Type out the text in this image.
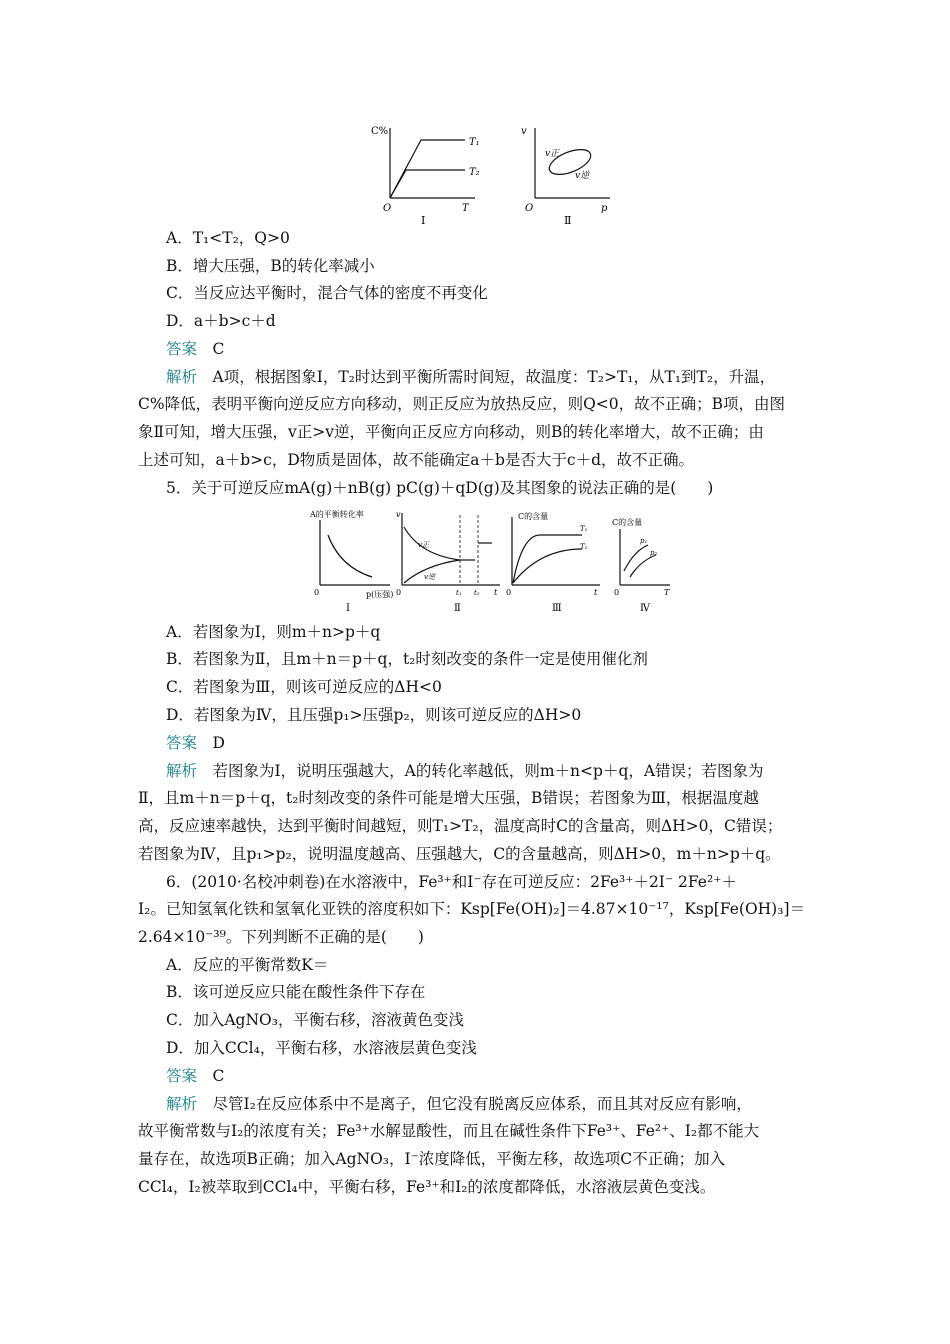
C%
T₁
T₂
O	T
Ⅰ
v
v正
v逆
O	p
Ⅱ
A．T₁<T₂，Q>0
B．增大压强，B的转化率减小
C．当反应达平衡时，混合气体的密度不再变化
D．a＋b>c＋d
答案　 C
解析　 A项，根据图象Ⅰ，T₂时达到平衡所需时间短，故温度：T₂>T₁，从T₁到T₂，升温，
C%降低，表明平衡向逆反应方向移动，则正反应为放热反应，则Q<0，故不正确；B项，由图
象Ⅱ可知，增大压强，v正>v逆，平衡向正反应方向移动，则B的转化率增大，故不正确；由
上述可知，a＋b>c，D物质是固体，故不能确定a＋b是否大于c＋d，故不正确。
5．关于可逆反应mA(g)＋nB(g) pC(g)＋qD(g)及其图象的说法正确的是(　　)
A的平衡转化率
0	p(压强)
Ⅰ
v
v正
v逆
0	t₁ t₂ t
Ⅱ
C的含量
T₁
T₂
0	t
Ⅲ
C的含量
p₁
p₂
0	T
Ⅳ
A．若图象为Ⅰ，则m＋n>p＋q
B．若图象为Ⅱ，且m＋n＝p＋q，t₂时刻改变的条件一定是使用催化剂
C．若图象为Ⅲ，则该可逆反应的ΔH<0
D．若图象为Ⅳ，且压强p₁>压强p₂，则该可逆反应的ΔH>0
答案　 D
解析　 若图象为Ⅰ，说明压强越大，A的转化率越低，则m＋n<p＋q，A错误；若图象为
Ⅱ，且m＋n＝p＋q，t₂时刻改变的条件可能是增大压强，B错误；若图象为Ⅲ，根据温度越
高，反应速率越快，达到平衡时间越短，则T₁>T₂，温度高时C的含量高，则ΔH>0，C错误；
若图象为Ⅳ，且p₁>p₂，说明温度越高、压强越大，C的含量越高，则ΔH>0，m＋n>p＋q。
6．(2010·名校冲刺卷)在水溶液中，Fe³⁺和I⁻存在可逆反应：2Fe³⁺＋2I⁻ 2Fe²⁺＋
I₂。已知氢氧化铁和氢氧化亚铁的溶度积如下：Ksp[Fe(OH)₂]＝4.87×10⁻¹⁷，Ksp[Fe(OH)₃]＝
2.64×10⁻³⁹。下列判断不正确的是(　　)
A．反应的平衡常数K＝
B．该可逆反应只能在酸性条件下存在
C．加入AgNO₃，平衡右移，溶液黄色变浅
D．加入CCl₄，平衡右移，水溶液层黄色变浅
答案　 C
解析　 尽管I₂在反应体系中不是离子，但它没有脱离反应体系，而且其对反应有影响，
故平衡常数与I₂的浓度有关；Fe³⁺水解显酸性，而且在碱性条件下Fe³⁺、Fe²⁺、I₂都不能大
量存在，故选项B正确；加入AgNO₃，I⁻浓度降低，平衡左移，故选项C不正确；加入
CCl₄，I₂被萃取到CCl₄中，平衡右移，Fe³⁺和I₂的浓度都降低，水溶液层黄色变浅。
